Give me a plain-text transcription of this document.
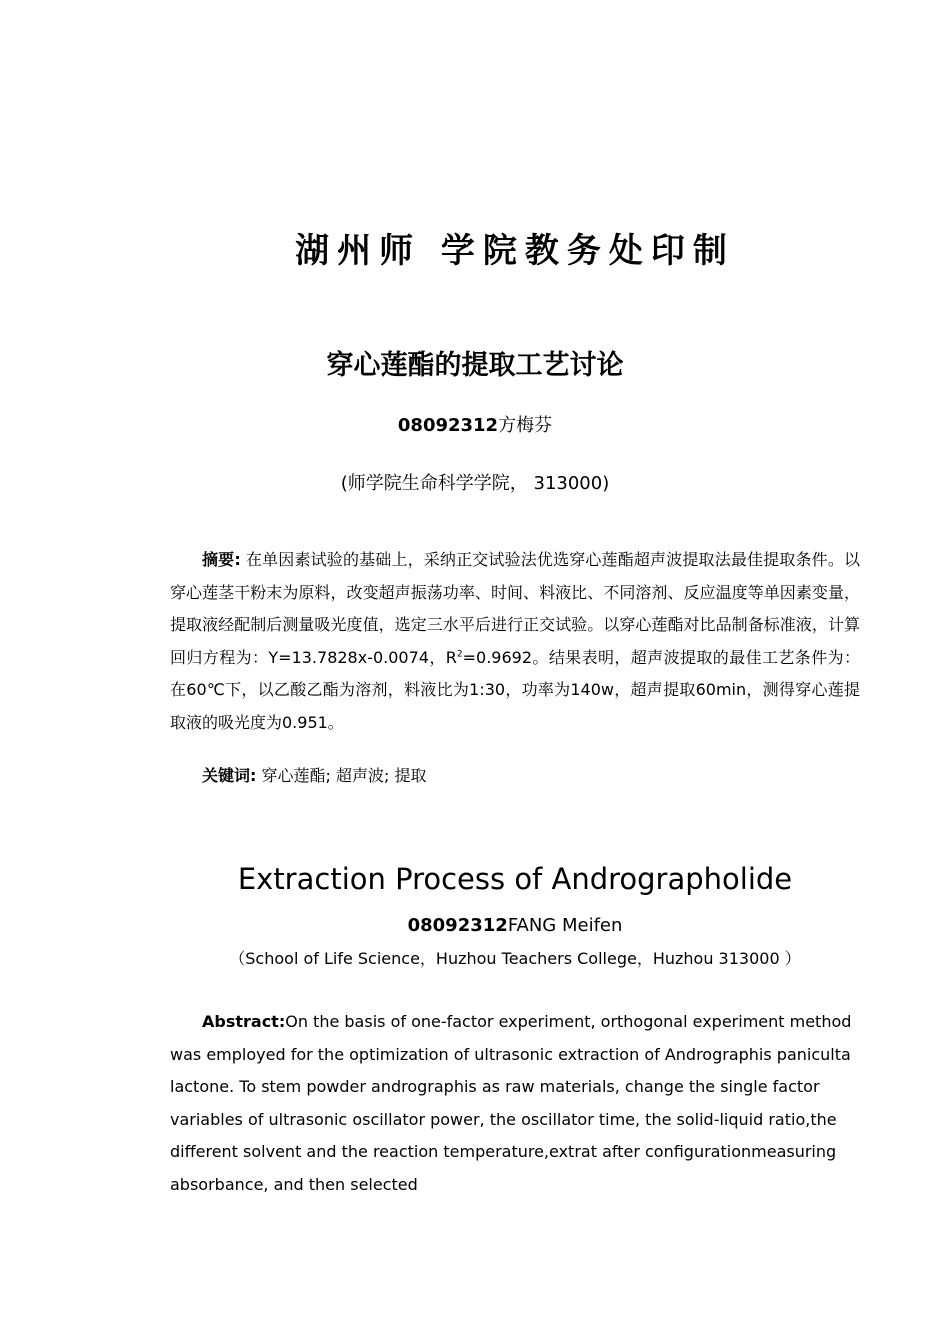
湖州师 学院教务处印制
穿心莲酯的提取工艺讨论
08092312方梅芬
(师学院生命科学学院， 313000)
摘要: 在单因素试验的基础上，采纳正交试验法优选穿心莲酯超声波提取法最佳提取条件。以穿心莲茎干粉末为原料，改变超声振荡功率、时间、料液比、不同溶剂、反应温度等单因素变量，提取液经配制后测量吸光度值，选定三水平后进行正交试验。以穿心莲酯对比品制备标准液，计算回归方程为：Y=13.7828x-0.0074，$R^2=0.9692$。结果表明，超声波提取的最佳工艺条件为：在60℃下，以乙酸乙酯为溶剂，料液比为1:30，功率为140w，超声提取60min，测得穿心莲提取液的吸光度为0.951。
关键词: 穿心莲酯; 超声波; 提取
Extraction Process of Andrographolide
08092312FANG Meifen
（School of Life Science，Huzhou Teachers College，Huzhou 313000 ）
Abstract:On the basis of one-factor experiment, orthogonal experiment method was employed for the optimization of ultrasonic extraction of Andrographis paniculta lactone. To stem powder andrographis as raw materials, change the single factor variables of ultrasonic oscillator power, the oscillator time, the solid-liquid ratio,the different solvent and the reaction temperature,extrat after configurationmeasuring absorbance, and then selected
